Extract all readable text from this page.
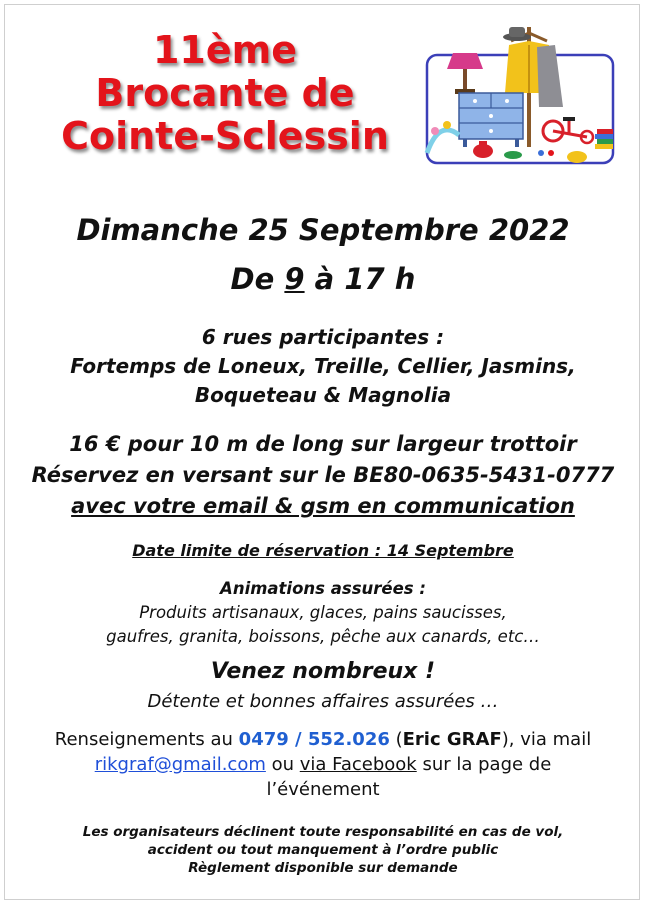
11ème
Brocante de
Cointe-Sclessin
Dimanche 25 Septembre 2022
De 9 à 17 h
6 rues participantes :
Fortemps de Loneux, Treille, Cellier, Jasmins,
Boqueteau & Magnolia
16 € pour 10 m de long sur largeur trottoir
Réservez en versant sur le BE80-0635-5431-0777
avec votre email & gsm en communication
Date limite de réservation : 14 Septembre
Animations assurées :
Produits artisanaux, glaces, pains saucisses,
gaufres, granita, boissons, pêche aux canards, etc…
Venez nombreux !
Détente et bonnes affaires assurées …
Renseignements au 0479 / 552.026 (Eric GRAF), via mail
rikgraf@gmail.com ou via Facebook sur la page de
l’événement
Les organisateurs déclinent toute responsabilité en cas de vol,
accident ou tout manquement à l’ordre public
Règlement disponible sur demande
